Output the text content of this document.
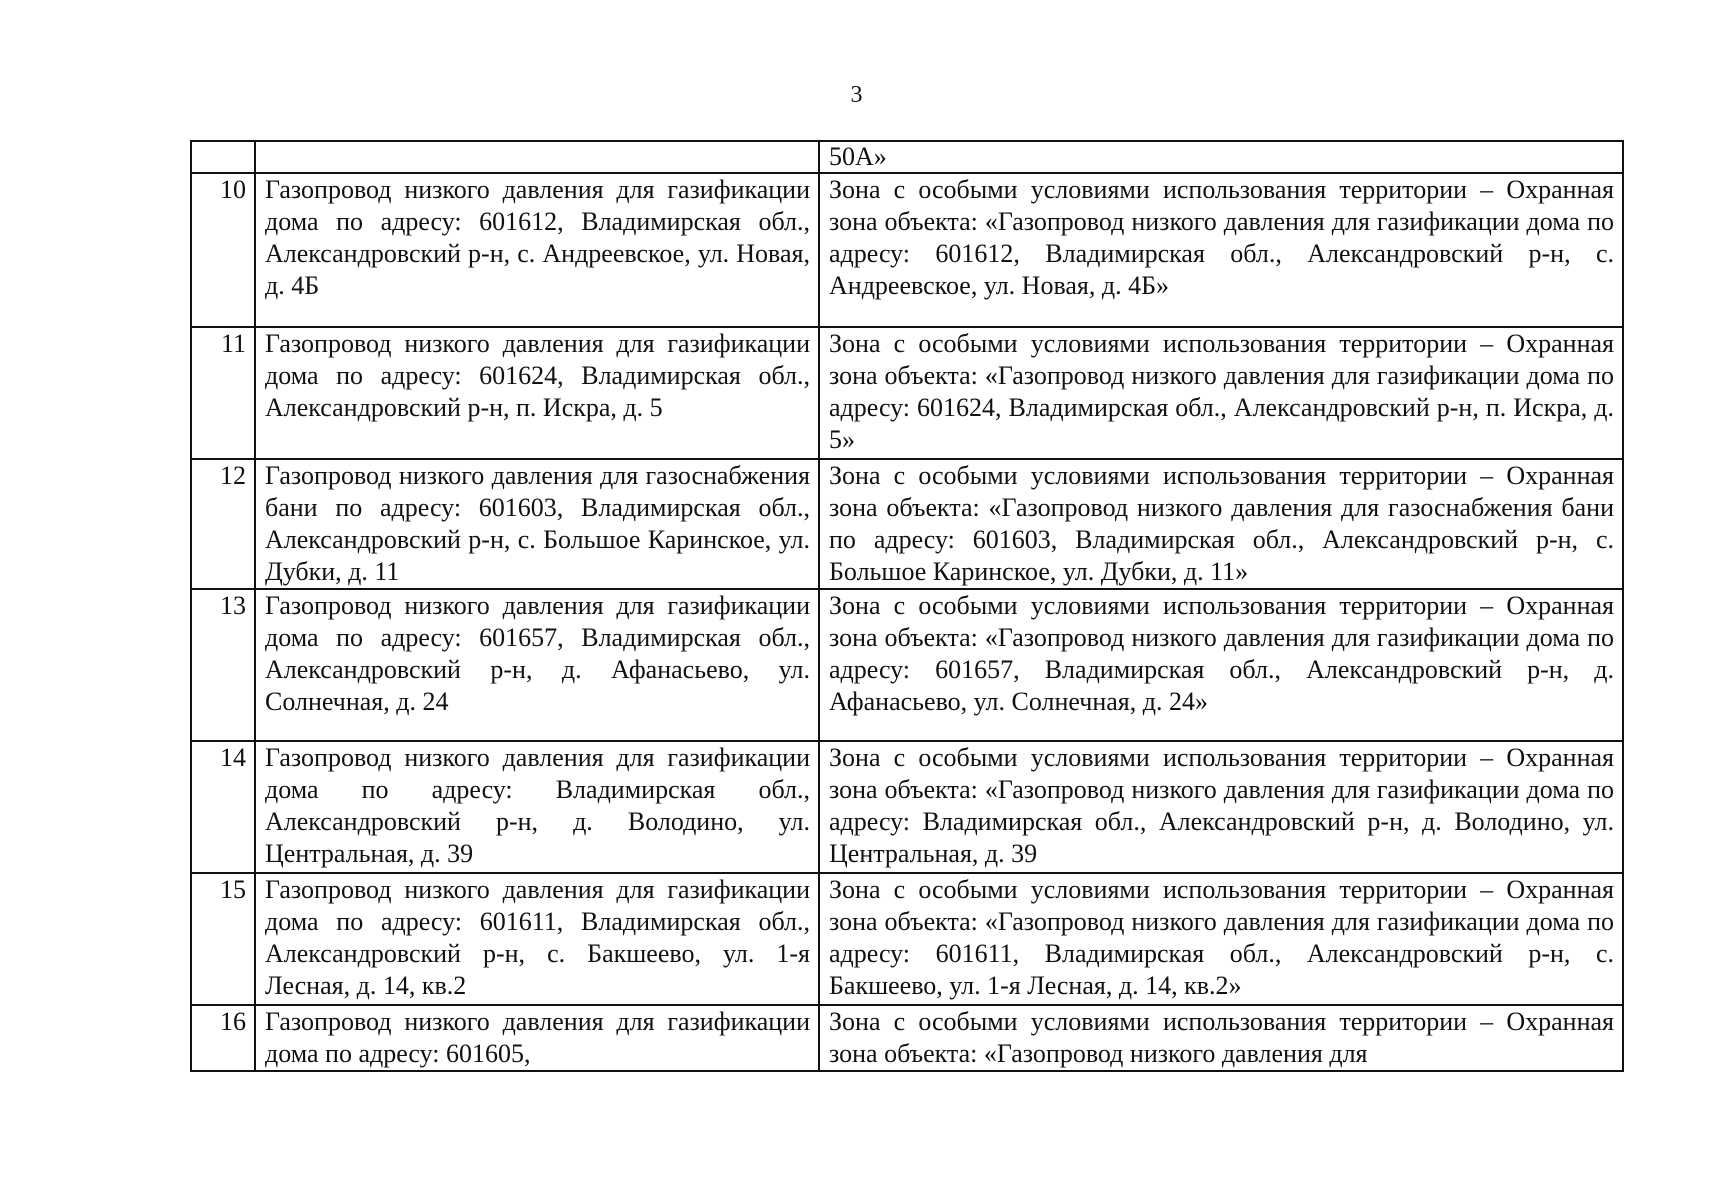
3
		50А»
10	Газопровод низкого давления для газификации дома по адресу: 601612, Владимирская обл., Александровский р-н, с. Андреевское, ул. Новая, д. 4Б	Зона с особыми условиями использования территории – Охранная зона объекта: «Газопровод низкого давления для газификации дома по адресу: 601612, Владимирская обл., Александровский р-н, с. Андреевское, ул. Новая, д. 4Б»
11	Газопровод низкого давления для газификации дома по адресу: 601624, Владимирская обл., Александровский р-н, п. Искра, д. 5	Зона с особыми условиями использования территории – Охранная зона объекта: «Газопровод низкого давления для газификации дома по адресу: 601624, Владимирская обл., Александровский р-н, п. Искра, д. 5»
12	Газопровод низкого давления для газоснабжения бани по адресу: 601603, Владимирская обл., Александровский р-н, с. Большое Каринское, ул. Дубки, д. 11	Зона с особыми условиями использования территории – Охранная зона объекта: «Газопровод низкого давления для газоснабжения бани по адресу: 601603, Владимирская обл., Александровский р-н, с. Большое Каринское, ул. Дубки, д. 11»
13	Газопровод низкого давления для газификации дома по адресу: 601657, Владимирская обл., Александровский р-н, д. Афанасьево, ул. Солнечная, д. 24	Зона с особыми условиями использования территории – Охранная зона объекта: «Газопровод низкого давления для газификации дома по адресу: 601657, Владимирская обл., Александровский р-н, д. Афанасьево, ул. Солнечная, д. 24»
14	Газопровод низкого давления для газификации дома по адресу: Владимирская обл., Александровский р-н, д. Володино, ул. Центральная, д. 39	Зона с особыми условиями использования территории – Охранная зона объекта: «Газопровод низкого давления для газификации дома по адресу: Владимирская обл., Александровский р-н, д. Володино, ул. Центральная, д. 39
15	Газопровод низкого давления для газификации дома по адресу: 601611, Владимирская обл., Александровский р-н, с. Бакшеево, ул. 1-я Лесная, д. 14, кв.2	Зона с особыми условиями использования территории – Охранная зона объекта: «Газопровод низкого давления для газификации дома по адресу: 601611, Владимирская обл., Александровский р-н, с. Бакшеево, ул. 1-я Лесная, д. 14, кв.2»
16	Газопровод низкого давления для газификации дома по адресу: 601605,	Зона с особыми условиями использования территории – Охранная зона объекта: «Газопровод низкого давления для
